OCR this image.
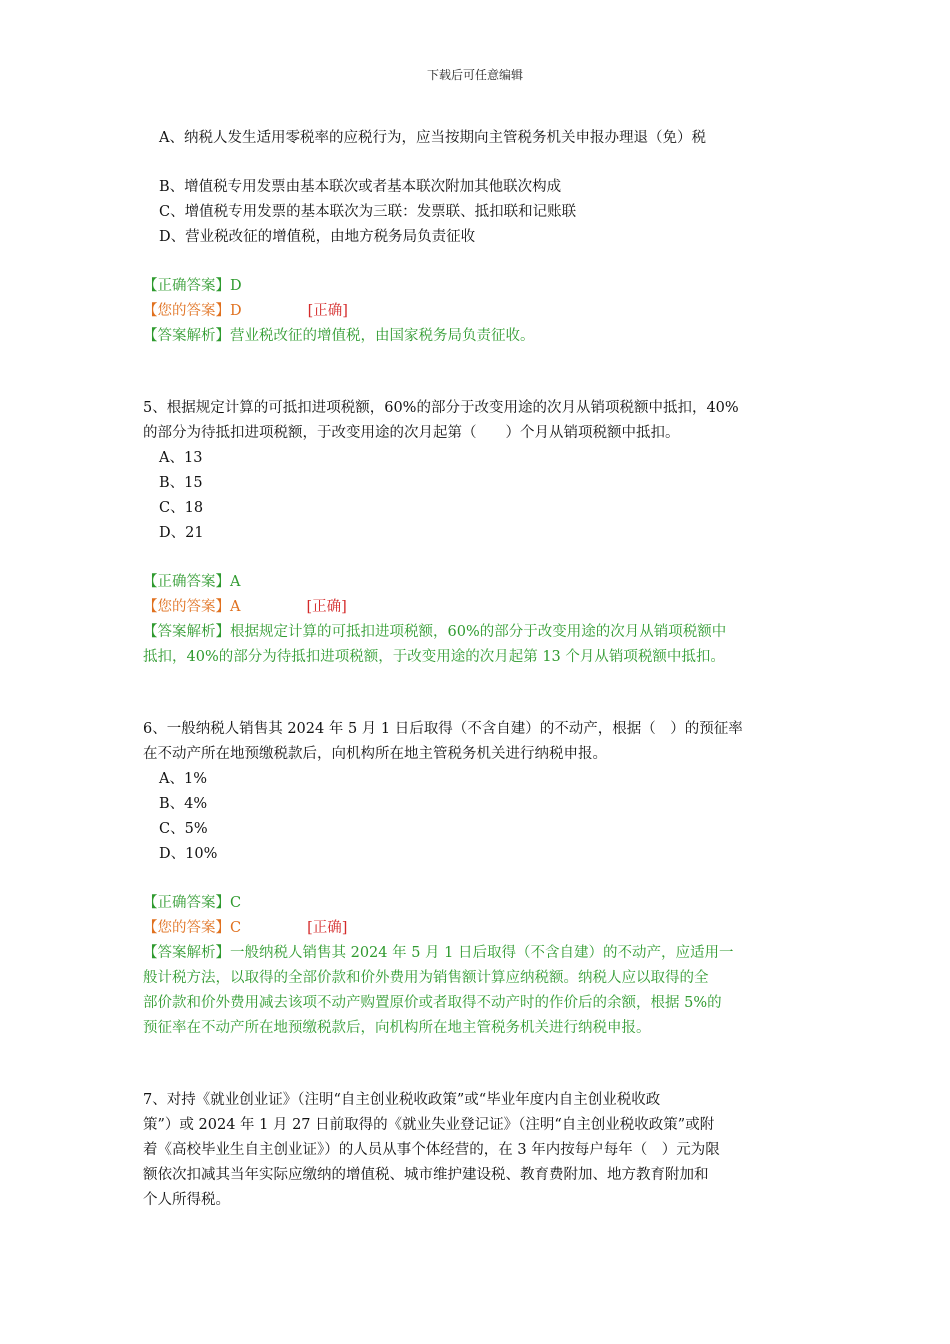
下载后可任意编辑
A、纳税人发生适用零税率的应税行为，应当按期向主管税务机关申报办理退（免）税
B、增值税专用发票由基本联次或者基本联次附加其他联次构成
C、增值税专用发票的基本联次为三联：发票联、抵扣联和记账联
D、营业税改征的增值税，由地方税务局负责征收
【正确答案】D
【您的答案】D	[正确]
【答案解析】营业税改征的增值税，由国家税务局负责征收。
5、根据规定计算的可抵扣进项税额，60%的部分于改变用途的次月从销项税额中抵扣，40%
的部分为待抵扣进项税额，于改变用途的次月起第（　　）个月从销项税额中抵扣。
A、13
B、15
C、18
D、21
【正确答案】A
【您的答案】A	[正确]
【答案解析】根据规定计算的可抵扣进项税额，60%的部分于改变用途的次月从销项税额中
抵扣，40%的部分为待抵扣进项税额，于改变用途的次月起第 13 个月从销项税额中抵扣。
6、一般纳税人销售其 2024 年 5 月 1 日后取得（不含自建）的不动产，根据（　）的预征率
在不动产所在地预缴税款后，向机构所在地主管税务机关进行纳税申报。
A、1%
B、4%
C、5%
D、10%
【正确答案】C
【您的答案】C	[正确]
【答案解析】一般纳税人销售其 2024 年 5 月 1 日后取得（不含自建）的不动产，应适用一
般计税方法，以取得的全部价款和价外费用为销售额计算应纳税额。纳税人应以取得的全
部价款和价外费用减去该项不动产购置原价或者取得不动产时的作价后的余额，根据 5%的
预征率在不动产所在地预缴税款后，向机构所在地主管税务机关进行纳税申报。
7、对持《就业创业证》（注明“自主创业税收政策”或“毕业年度内自主创业税收政
策”）或 2024 年 1 月 27 日前取得的《就业失业登记证》（注明“自主创业税收政策”或附
着《高校毕业生自主创业证》）的人员从事个体经营的，在 3 年内按每户每年（　）元为限
额依次扣减其当年实际应缴纳的增值税、城市维护建设税、教育费附加、地方教育附加和
个人所得税。
